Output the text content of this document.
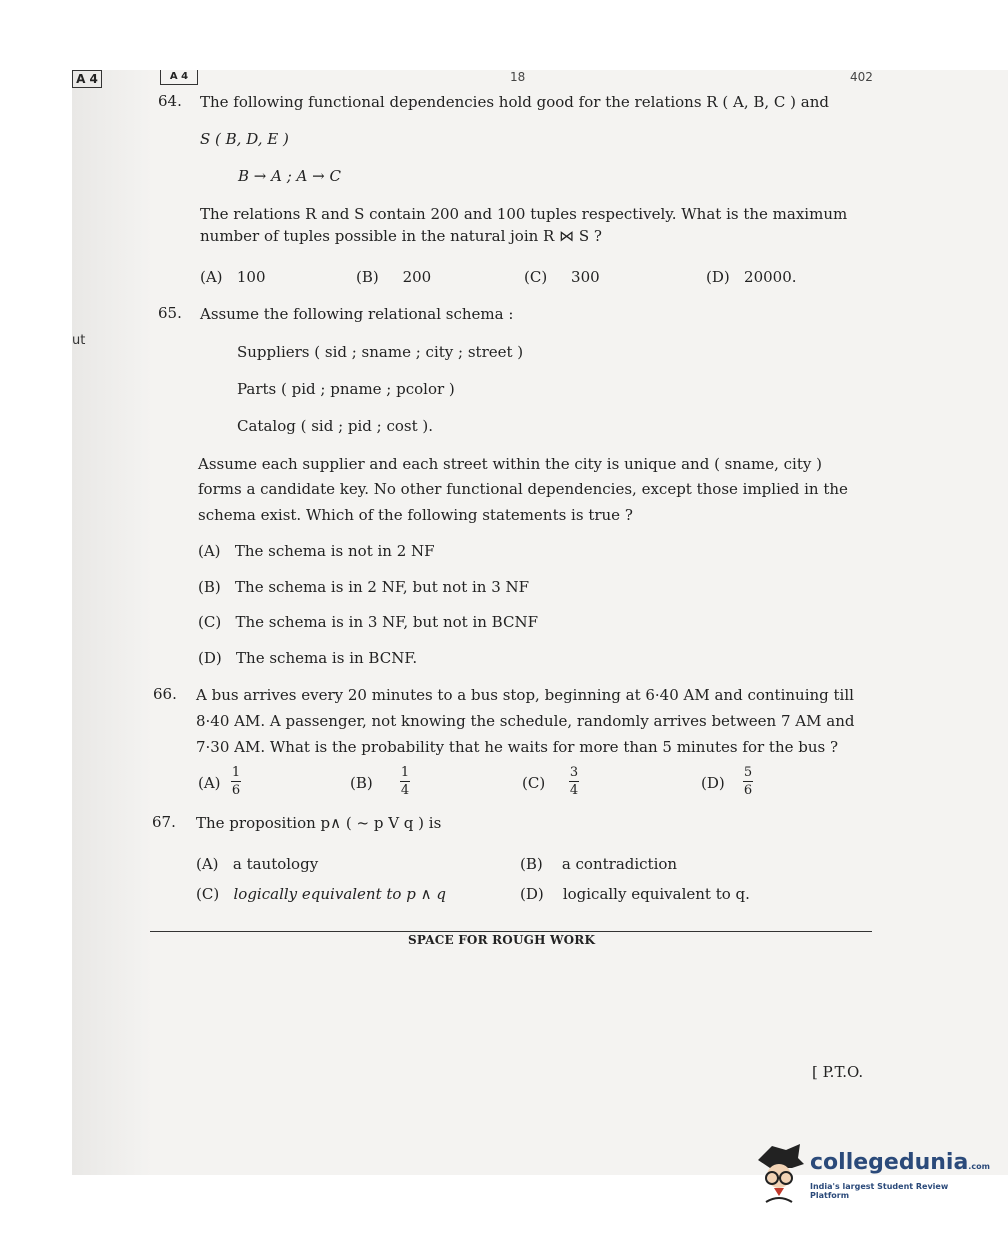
A 4	A 4	18	402
ut
64. The following functional dependencies hold good for the relations R ( A, B, C ) and
S ( B, D, E )
B → A ; A → C
The relations R and S contain 200 and 100 tuples respectively. What is the maximum
number of tuples possible in the natural join R ⋈ S ?
(A) 100	(B) 200	(C) 300	(D) 20000.
65. Assume the following relational schema :
Suppliers ( sid ; sname ; city ; street )
Parts ( pid ; pname ; pcolor )
Catalog ( sid ; pid ; cost ).
Assume each supplier and each street within the city is unique and ( sname, city )
forms a candidate key. No other functional dependencies, except those implied in the
schema exist. Which of the following statements is true ?
(A) The schema is not in 2 NF
(B) The schema is in 2 NF, but not in 3 NF
(C) The schema is in 3 NF, but not in BCNF
(D) The schema is in BCNF.
66. A bus arrives every 20 minutes to a bus stop, beginning at 6·40 AM and continuing till
8·40 AM. A passenger, not knowing the schedule, randomly arrives between 7 AM and
7·30 AM. What is the probability that he waits for more than 5 minutes for the bus ?
(A)
1
6	(B)
1
4	(C)
3
4	(D)
5
6
67. The proposition p∧ ( ~ p V q ) is
(A) a tautology	(B) a contradiction
(C) logically equivalent to p ∧ q	(D) logically equivalent to q.
SPACE FOR ROUGH WORK
[ P.T.O.
collegedunia.com
India's largest Student Review Platform
